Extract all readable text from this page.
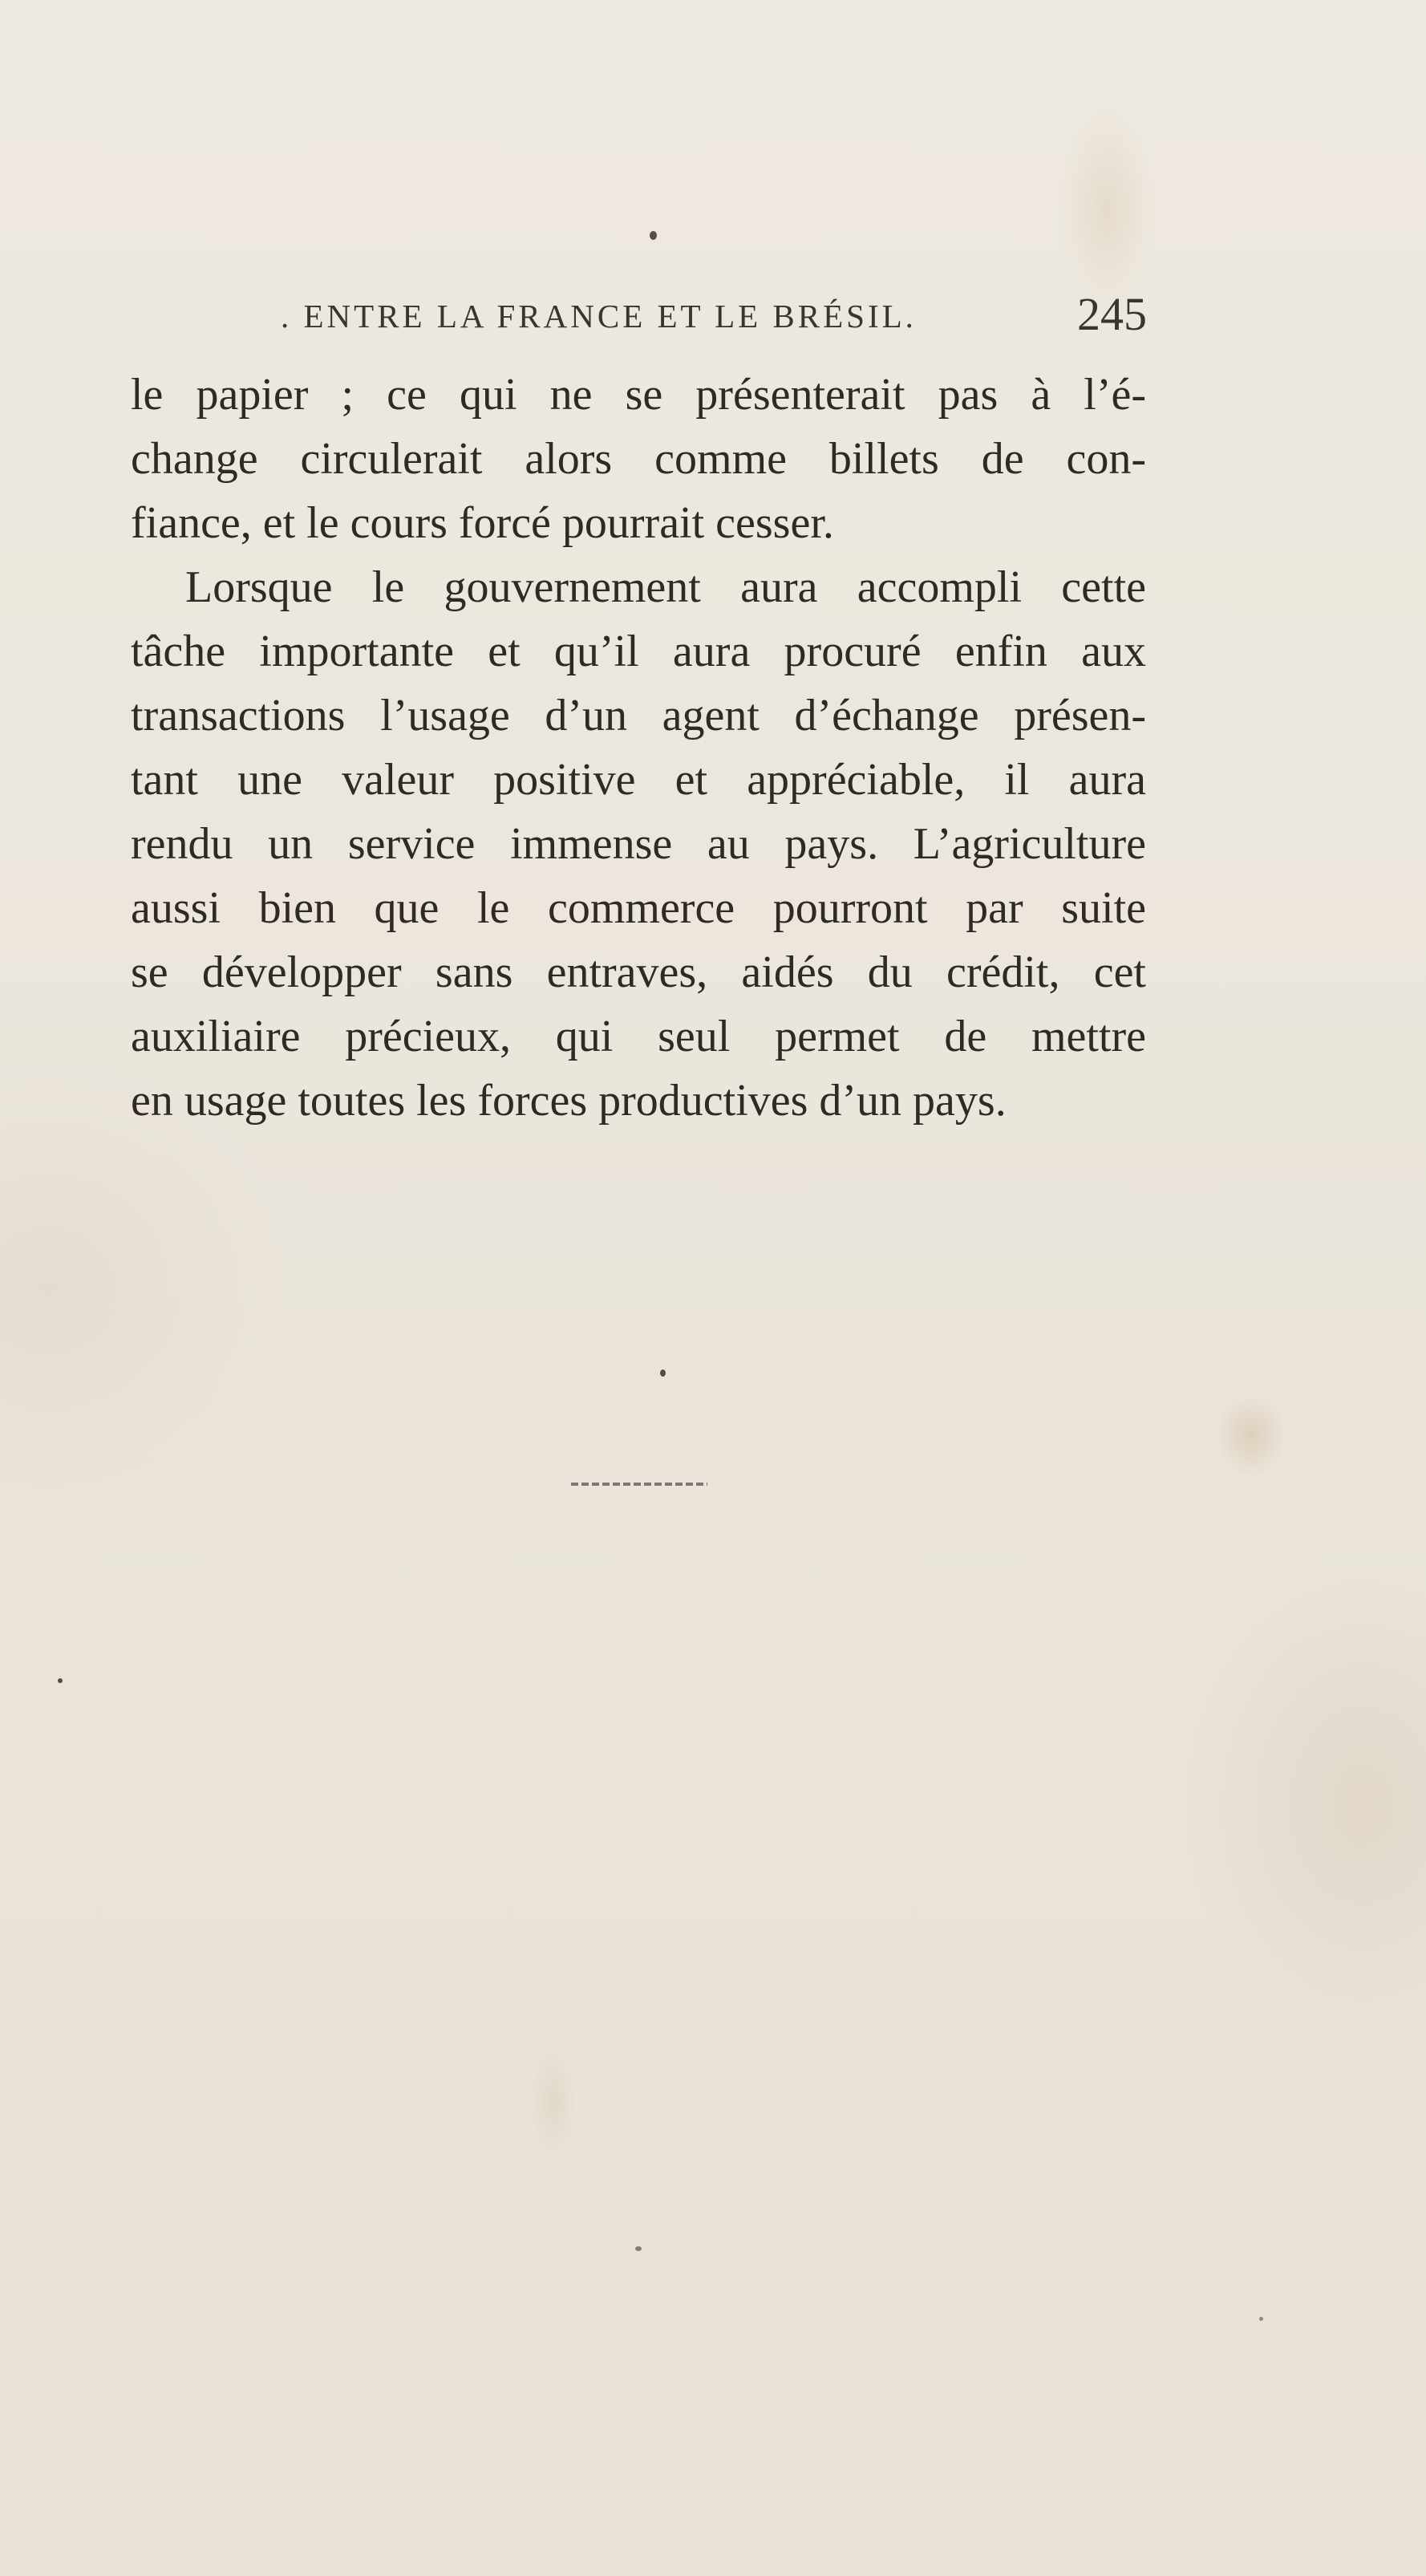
. ENTRE LA FRANCE ET LE BRÉSIL.	245
le papier ; ce qui ne se présenterait pas à l’é-
change circulerait alors comme billets de con-
fiance, et le cours forcé pourrait cesser.
Lorsque le gouvernement aura accompli cette
tâche importante et qu’il aura procuré enfin aux
transactions l’usage d’un agent d’échange présen-
tant une valeur positive et appréciable, il aura
rendu un service immense au pays. L’agriculture
aussi bien que le commerce pourront par suite
se développer sans entraves, aidés du crédit, cet
auxiliaire précieux, qui seul permet de mettre
en usage toutes les forces productives d’un pays.
